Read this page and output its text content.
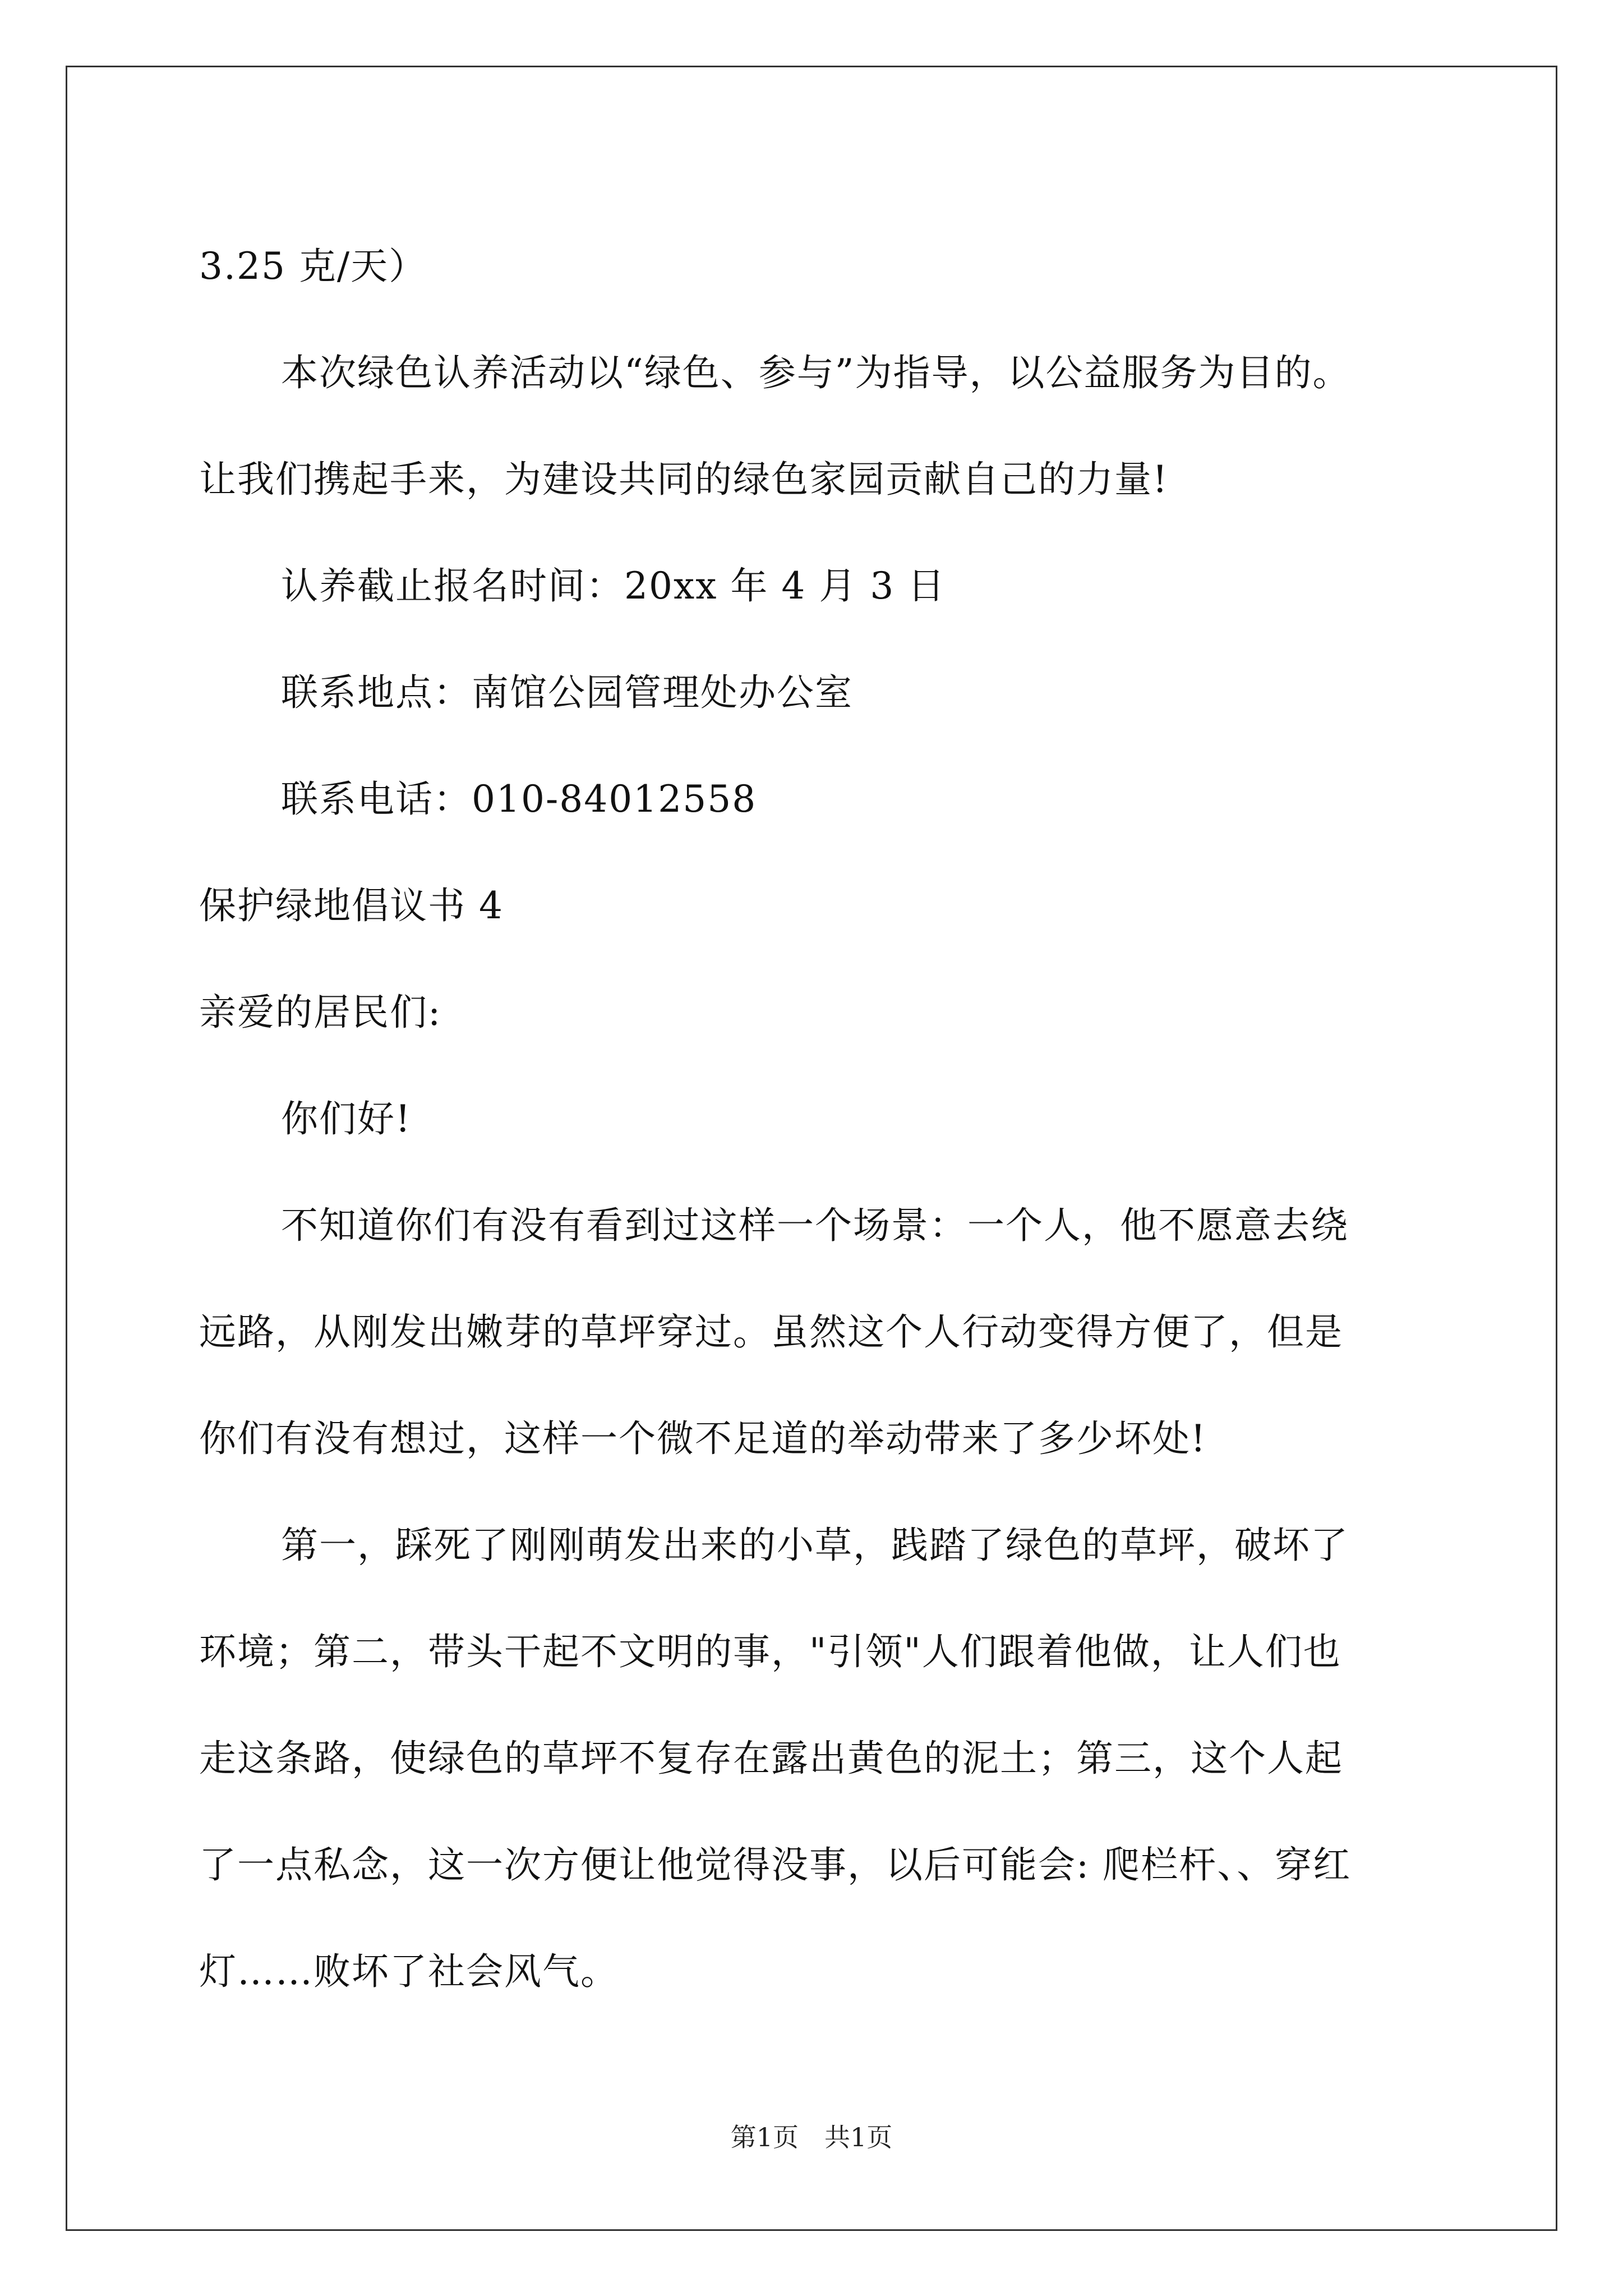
3.25 克/天）
本次绿色认养活动以“绿色、参与”为指导，以公益服务为目的。
让我们携起手来，为建设共同的绿色家园贡献自己的力量!
认养截止报名时间：20xx 年 4 月 3 日
联系地点：南馆公园管理处办公室
联系电话：010-84012558
保护绿地倡议书 4
亲爱的居民们:
你们好!
不知道你们有没有看到过这样一个场景：一个人，他不愿意去绕
远路，从刚发出嫩芽的草坪穿过。虽然这个人行动变得方便了，但是
你们有没有想过，这样一个微不足道的举动带来了多少坏处!
第一，踩死了刚刚萌发出来的小草，践踏了绿色的草坪，破坏了
环境；第二，带头干起不文明的事，"引领"人们跟着他做，让人们也
走这条路，使绿色的草坪不复存在露出黄色的泥土；第三，这个人起
了一点私念，这一次方便让他觉得没事，以后可能会: 爬栏杆、、穿红
灯……败坏了社会风气。
第1页　共1页
